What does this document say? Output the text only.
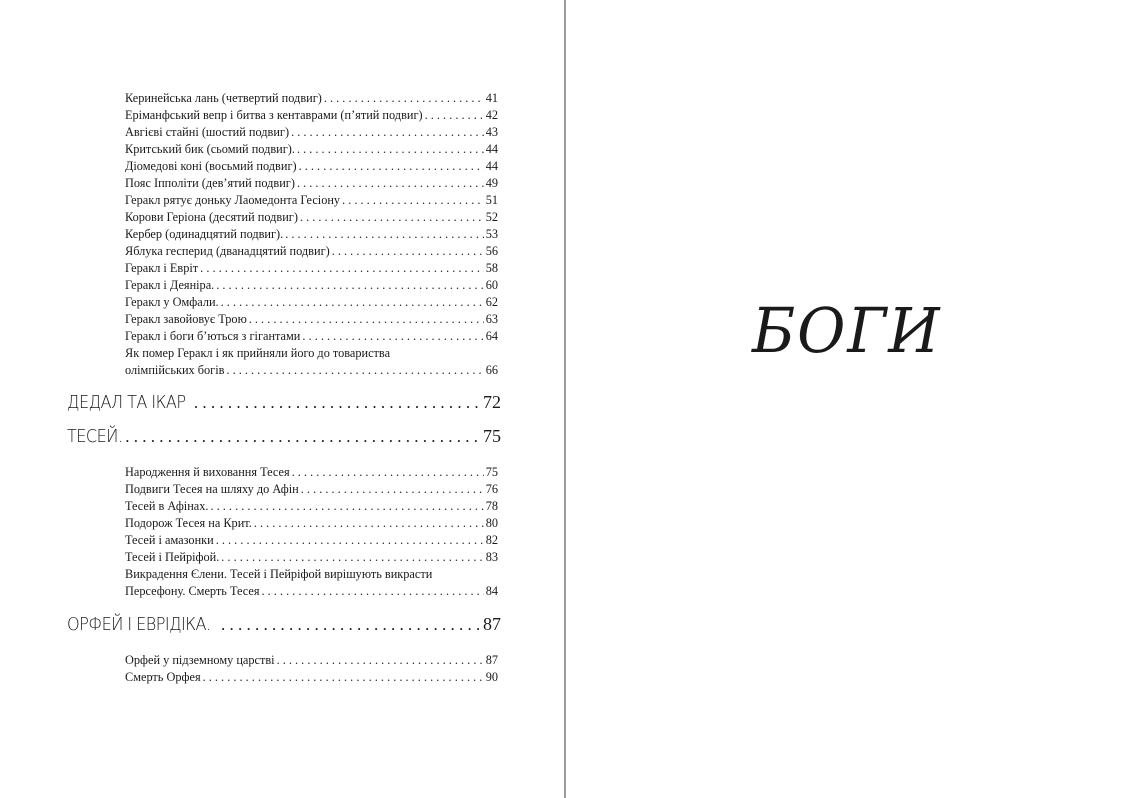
Керинейська лань (четвертий подвиг) . . .	41
Еріманфський вепр і битва з кентаврами (п’ятий подвиг) . . .	42
Авгієві стайні (шостий подвиг) . . .	43
Критський бик (сьомий подвиг). . . .	44
Діомедові коні (восьмий подвиг) . . .	44
Пояс Іпполіти (дев’ятий подвиг) . . .	49
Геракл рятує доньку Лаомедонта Гесіону . . .	51
Корови Геріона (десятий подвиг) . . .	52
Кербер (одинадцятий подвиг). . . .	53
Яблука гесперид (дванадцятий подвиг) . . .	56
Геракл і Еврiт . . .	58
Геракл і Деяніра. . . .	60
Геракл у Омфали. . . .	62
Геракл завойовує Трою . . .	63
Геракл і боги б’ються з гігантами . . .	64
Як помер Геракл і як прийняли його до товариства
олімпійських богів . . .	66
ДЕДАЛ ТА ІКАР . . .	72
ТЕСЕЙ. . . .	75
Народження й виховання Тесея . . .	75
Подвиги Тесея на шляху до Афін . . .	76
Тесей в Афінах. . . .	78
Подорож Тесея на Крит. . . .	80
Тесей і амазонки . . .	82
Тесей і Пейрiфой. . . .	83
Викрадення Єлени. Тесей і Пейрiфой вирішують викрасти
Персефону. Смерть Тесея . . .	84
ОРФЕЙ І ЕВРІДІКА. . . .	87
Орфей у підземному царстві . . .	87
Смерть Орфея . . .	90
БОГИ
